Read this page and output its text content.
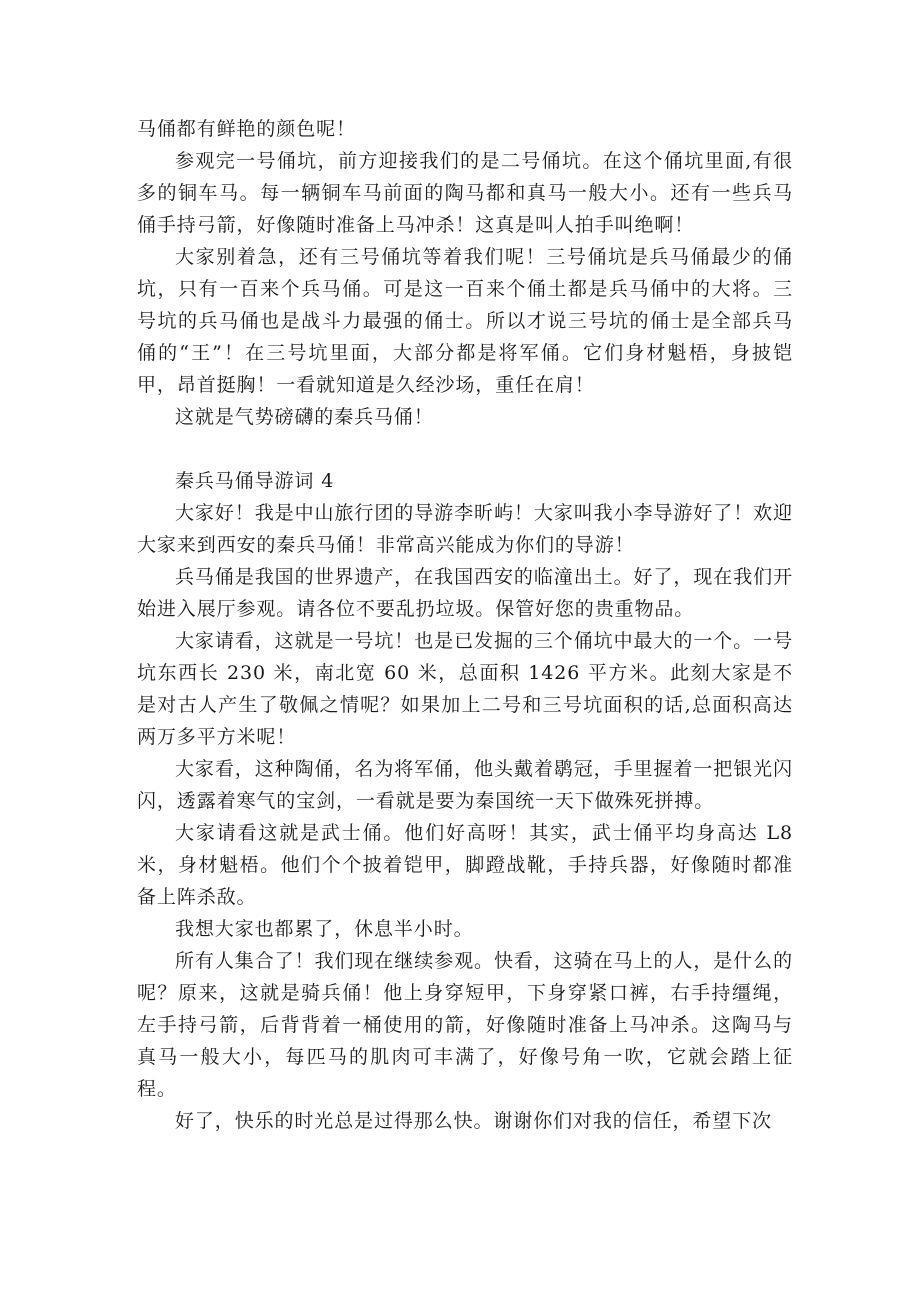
马俑都有鲜艳的颜色呢！

参观完一号俑坑，前方迎接我们的是二号俑坑。在这个俑坑里面,有很多的铜车马。每一辆铜车马前面的陶马都和真马一般大小。还有一些兵马俑手持弓箭，好像随时准备上马冲杀！这真是叫人拍手叫绝啊！

大家别着急，还有三号俑坑等着我们呢！三号俑坑是兵马俑最少的俑坑，只有一百来个兵马俑。可是这一百来个俑土都是兵马俑中的大将。三号坑的兵马俑也是战斗力最强的俑士。所以才说三号坑的俑士是全部兵马俑的“王”！在三号坑里面，大部分都是将军俑。它们身材魁梧，身披铠甲，昂首挺胸！一看就知道是久经沙场，重任在肩！

这就是气势磅礴的秦兵马俑！

秦兵马俑导游词 4

大家好！我是中山旅行团的导游李昕屿！大家叫我小李导游好了！欢迎大家来到西安的秦兵马俑！非常高兴能成为你们的导游！

兵马俑是我国的世界遗产，在我国西安的临潼出土。好了，现在我们开始进入展厅参观。请各位不要乱扔垃圾。保管好您的贵重物品。

大家请看，这就是一号坑！也是已发掘的三个俑坑中最大的一个。一号坑东西长 230 米，南北宽 60 米，总面积 1426 平方米。此刻大家是不是对古人产生了敬佩之情呢？如果加上二号和三号坑面积的话,总面积高达两万多平方米呢！

大家看，这种陶俑，名为将军俑，他头戴着鹖冠，手里握着一把银光闪闪，透露着寒气的宝剑，一看就是要为秦国统一天下做殊死拼搏。

大家请看这就是武士俑。他们好高呀！其实，武士俑平均身高达 L8 米，身材魁梧。他们个个披着铠甲，脚蹬战靴，手持兵器，好像随时都准备上阵杀敌。

我想大家也都累了，休息半小时。

所有人集合了！我们现在继续参观。快看，这骑在马上的人，是什么的呢？原来，这就是骑兵俑！他上身穿短甲，下身穿紧口裤，右手持缰绳，左手持弓箭，后背背着一桶使用的箭，好像随时准备上马冲杀。这陶马与真马一般大小，每匹马的肌肉可丰满了，好像号角一吹，它就会踏上征程。

好了，快乐的时光总是过得那么快。谢谢你们对我的信任，希望下次
